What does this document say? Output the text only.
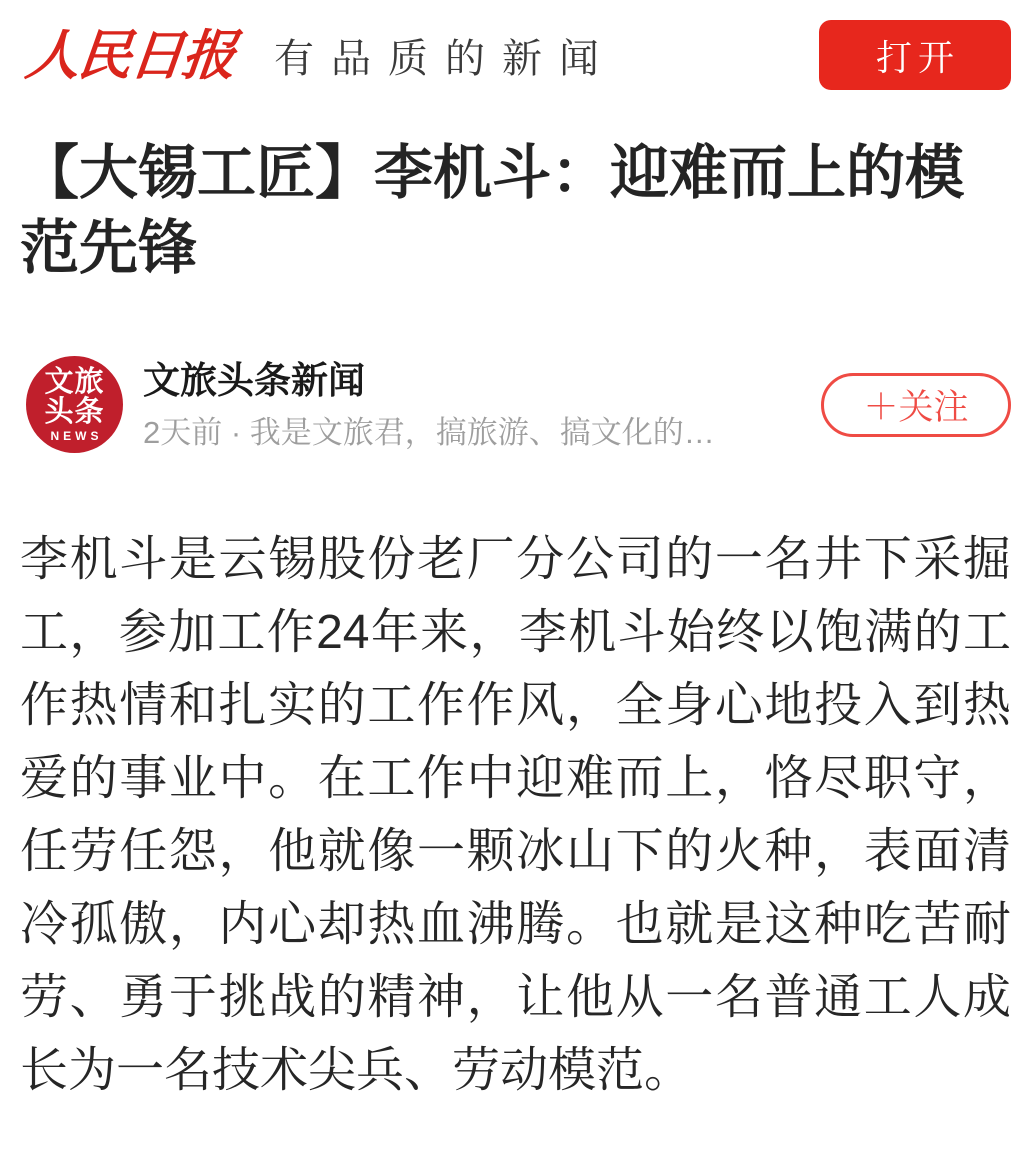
人民日报 有品质的新闻	打开
【大锡工匠】李机斗：迎难而上的模范先锋
文旅
头条
NEWS
文旅头条新闻
2天前 · 我是文旅君，搞旅游、搞文化的…
＋关注

李机斗是云锡股份老厂分公司的一名井下采掘工，参加工作24年来，李机斗始终以饱满的工作热情和扎实的工作作风，全身心地投入到热爱的事业中。在工作中迎难而上，恪尽职守，任劳任怨，他就像一颗冰山下的火种，表面清冷孤傲，内心却热血沸腾。也就是这种吃苦耐劳、勇于挑战的精神，让他从一名普通工人成长为一名技术尖兵、劳动模范。
